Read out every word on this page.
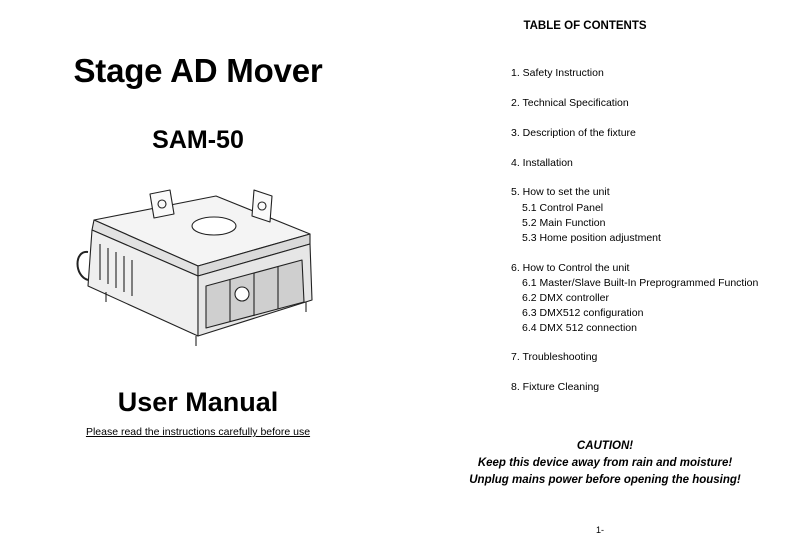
Stage AD Mover
SAM-50
User Manual
Please read the instructions carefully before use
TABLE OF CONTENTS
1. Safety Instruction
2. Technical Specification
3. Description of the fixture
4. Installation
5. How to set the unit
5.1 Control Panel
5.2 Main Function
5.3 Home position adjustment
6. How to Control the unit
6.1 Master/Slave Built-In Preprogrammed Function
6.2 DMX controller
6.3 DMX512 configuration
6.4 DMX 512 connection
7. Troubleshooting
8. Fixture Cleaning
CAUTION!
Keep this device away from rain and moisture!
Unplug mains power before opening the housing!
1-
